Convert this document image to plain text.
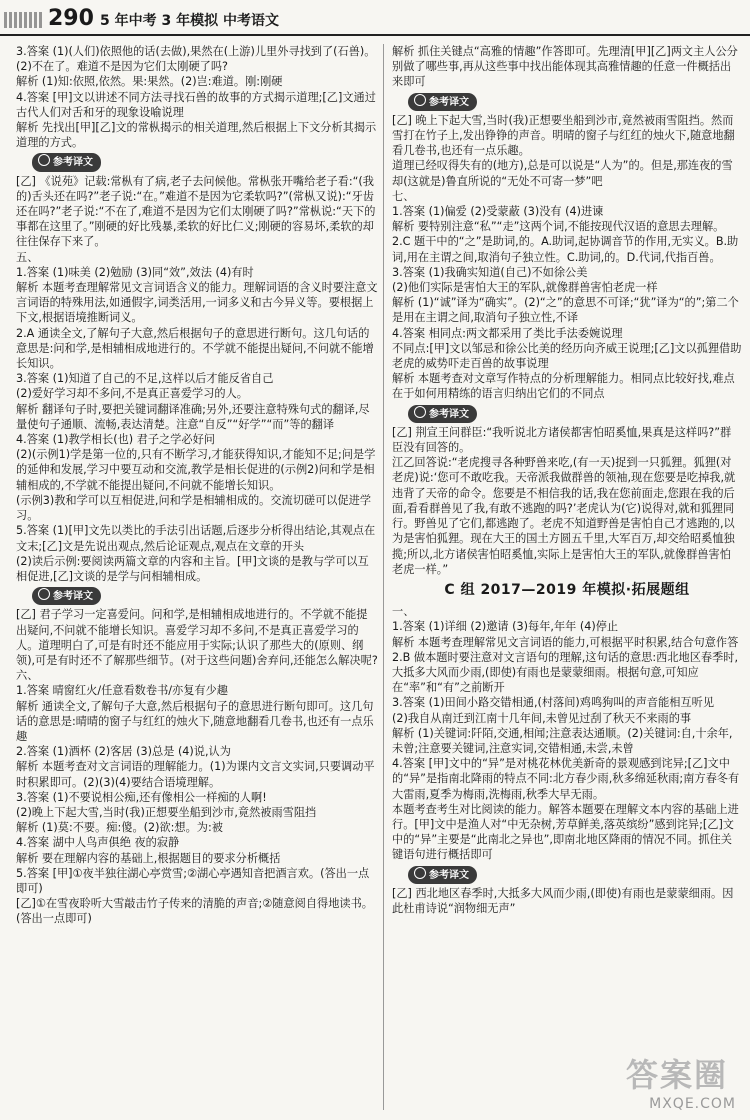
290 5 年中考 3 年模拟 中考语文

3.答案 (1)(人们)依照他的话(去做),果然在(上游)儿里外寻找到了(石兽)。

(2)不在了。难道不是因为它们太刚硬了吗?

解析 (1)知:依照,依然。果:果然。(2)岂:难道。刚:刚硬

4.答案 [甲]文以讲述不同方法寻找石兽的故事的方式揭示道理;[乙]文通过古代人们对舌和牙的现象设喻说理

解析 先找出[甲][乙]文的常枞揭示的相关道理,然后根据上下文分析其揭示道理的方式。

参考译文

[乙] 《说苑》记载:常枞有了病,老子去问候他。常枞张开嘴给老子看:“(我的)舌头还在吗?”老子说:“在。”难道不是因为它柔软吗?”(常枞又说):“牙齿还在吗?”老子说:“不在了,难道不是因为它们太刚硬了吗?”常枞说:“天下的事都在这里了。”刚硬的好比残暴,柔软的好比仁义;刚硬的容易坏,柔软的却往往保存下来了。

五、

1.答案 (1)味美 (2)勉励 (3)同“效”,效法 (4)有时

解析 本题考查理解常见文言词语含义的能力。理解词语的含义时要注意文言词语的特殊用法,如通假字,词类活用,一词多义和古今异义等。要根据上下文,根据语境推断词义。

2.A 通读全文,了解句子大意,然后根据句子的意思进行断句。这几句话的意思是:问和学,是相辅相成地进行的。不学就不能提出疑问,不问就不能增长知识。

3.答案 (1)知道了自己的不足,这样以后才能反省自己

(2)爱好学习却不多问,不是真正喜爱学习的人。

解析 翻译句子时,要把关键词翻译准确;另外,还要注意特殊句式的翻译,尽量使句子通顺、流畅,表达清楚。注意“自反”“好学”“而”等的翻译

4.答案 (1)教学相长(也) 君子之学必好问

(2)(示例1)学是第一位的,只有不断学习,才能获得知识,才能知不足;问是学的延伸和发展,学习中要互动和交流,教学是相长促进的(示例2)问和学是相辅相成的,不学就不能提出疑问,不问就不能增长知识。

(示例3)教和学可以互相促进,问和学是相辅相成的。交流切磋可以促进学习。

5.答案 (1)[甲]文先以类比的手法引出话题,后逐步分析得出结论,其观点在文末;[乙]文是先说出观点,然后论证观点,观点在文章的开头

(2)读后示例:要阅读两篇文章的内容和主旨。[甲]文谈的是教与学可以互相促进,[乙]文谈的是学与问相辅相成。

参考译文

[乙] 君子学习一定喜爱问。问和学,是相辅相成地进行的。不学就不能提出疑问,不问就不能增长知识。喜爱学习却不多问,不是真正喜爱学习的人。道理明白了,可是有时还不能应用于实际;认识了那些大的(原则、纲领),可是有时还不了解那些细节。(对于这些问题)舍弃问,还能怎么解决呢?

六、

1.答案 晴窗红火/任意看数卷书/亦复有少趣

解析 通读全文,了解句子大意,然后根据句子的意思进行断句即可。这几句话的意思是:晴晴的窗子与红红的烛火下,随意地翻看几卷书,也还有一点乐趣

2.答案 (1)酒杯 (2)客居 (3)总是 (4)说,认为

解析 本题考查对文言词语的理解能力。(1)为课内文言文实词,只要调动平时积累即可。(2)(3)(4)要结合语境理解。

3.答案 (1)不要说相公痴,还有像相公一样痴的人啊!

(2)晚上下起大雪,当时(我)正想要坐船到沙市,竟然被雨雪阻挡

解析 (1)莫:不要。痴:傻。(2)欲:想。为:被

4.答案 湖中人鸟声俱绝 夜的寂静

解析 要在理解内容的基础上,根据题目的要求分析概括

5.答案 [甲]①夜半独往湖心亭赏雪;②湖心亭遇知音把酒言欢。(答出一点即可)

[乙]①在雪夜聆听大雪敲击竹子传来的清脆的声音;②随意阅自得地读书。(答出一点即可)

解析 抓住关键点“高雅的情趣”作答即可。先理清[甲][乙]两文主人公分别做了哪些事,再从这些事中找出能体现其高雅情趣的任意一件概括出来即可

参考译文

[乙] 晚上下起大雪,当时(我)正想要坐船到沙市,竟然被雨雪阻挡。然而雪打在竹子上,发出铮铮的声音。明晴的窗子与红红的烛火下,随意地翻看几卷书,也还有一点乐趣。

道理已经叹得失有的(地方),总是可以说是“人为”的。但是,那连夜的雪却(这就是)鲁直所说的“无处不可寄一梦”吧

七、

1.答案 (1)偏爱 (2)受蒙蔽 (3)没有 (4)进谏

解析 要特别注意“私”“走”这两个词,不能按现代汉语的意思去理解。

2.C 题干中的“之”是助词,的。A.助词,起协调音节的作用,无实义。B.助词,用在主谓之间,取消句子独立性。C.助词,的。D.代词,代指百兽。

3.答案 (1)我确实知道(自己)不如徐公美

(2)他们实际是害怕大王的军队,就像群兽害怕老虎一样

解析 (1)“诚”译为“确实”。(2)“之”的意思不可译;“犹”译为“的”;第二个是用在主谓之间,取消句子独立性,不译

4.答案 相同点:两文都采用了类比手法委婉说理

不同点:[甲]文以邹忌和徐公比美的经历向齐威王说理;[乙]文以孤狸借助老虎的威势吓走百兽的故事说理

解析 本题考查对文章写作特点的分析理解能力。相同点比较好找,难点在于如何用精练的语言归纳出它们的不同点

参考译文

[乙] 荆宣王问群臣:“我听说北方诸侯都害怕昭奚恤,果真是这样吗?”群臣没有回答的。

江乙回答说:“老虎搜寻各种野兽来吃,(有一天)捉到一只狐狸。狐狸(对老虎)说:‘您可不敢吃我。天帝派我做群兽的领袖,现在您要是吃掉我,就违背了天帝的命令。您要是不相信我的话,我在您前面走,您跟在我的后面,看看群兽见了我,有敢不逃跑的吗?’老虎认为(它)说得对,就和狐狸同行。野兽见了它们,都逃跑了。老虎不知道野兽是害怕自己才逃跑的,以为是害怕狐狸。现在大王的国土方圆五千里,大军百万,却交给昭奚恤独揽;所以,北方诸侯害怕昭奚恤,实际上是害怕大王的军队,就像群兽害怕老虎一样。”

C 组 2017—2019 年模拟·拓展题组

一、

1.答案 (1)详细 (2)邀请 (3)每年,年年 (4)停止

解析 本题考查理解常见文言词语的能力,可根据平时积累,结合句意作答

2.B 做本题时要注意对文言语句的理解,这句话的意思:西北地区春季时,大抵多大风而少雨,(即使)有雨也是蒙蒙细雨。根据句意,可知应在“率”和“有”之前断开

3.答案 (1)田间小路交错相通,(村落间)鸡鸣狗叫的声音能相互听见

(2)我自从南迁到江南十几年间,未曾见过刮了秋天不来雨的事

解析 (1)关键词:阡陌,交通,相闻;注意表达通顺。(2)关键词:自,十余年,未曾;注意要关键词,注意实词,交错相通,未尝,未曾

4.答案 [甲]文中的“异”是对桃花林优美新奇的景观感到诧异;[乙]文中的“异”是指南北降雨的特点不同:北方春少雨,秋多绵延秋雨;南方春冬有大雷雨,夏季为梅雨,洗梅雨,秋季大早无雨。

本题考查考生对比阅读的能力。解答本题要在理解文本内容的基础上进行。[甲]文中是渔人对“中无杂树,芳草鲜美,落英缤纷”感到诧异;[乙]文中的“异”主要是“此南北之异也”,即南北地区降雨的情况不同。抓住关键语句进行概括即可

参考译文

[乙] 西北地区春季时,大抵多大风而少雨,(即使)有雨也是蒙蒙细雨。因此杜甫诗说“润物细无声”

答案圈
MXQE.COM
